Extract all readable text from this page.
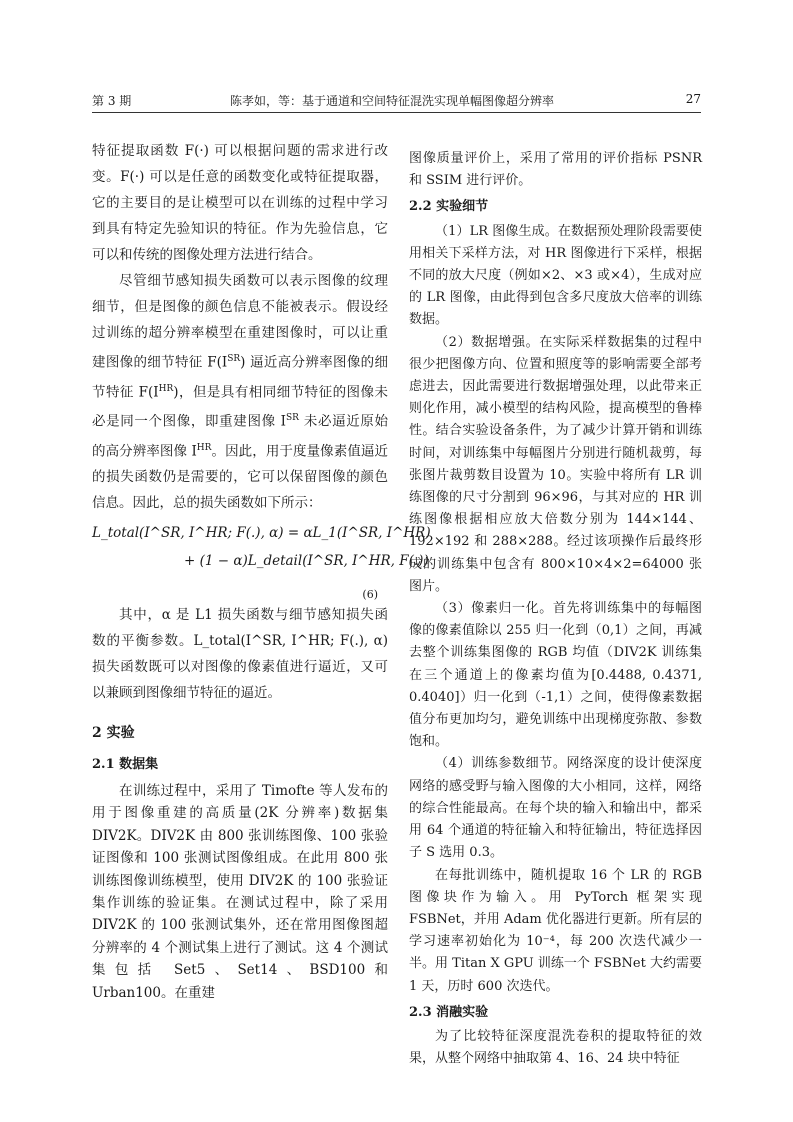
第 3 期	陈孝如，等：基于通道和空间特征混洗实现单幅图像超分辨率	27

特征提取函数 F(·) 可以根据问题的需求进行改变。F(·) 可以是任意的函数变化或特征提取器，它的主要目的是让模型可以在训练的过程中学习到具有特定先验知识的特征。作为先验信息，它可以和传统的图像处理方法进行结合。

尽管细节感知损失函数可以表示图像的纹理细节，但是图像的颜色信息不能被表示。假设经过训练的超分辨率模型在重建图像时，可以让重建图像的细节特征 $F(I^{SR})$ 逼近高分辨率图像的细节特征 $F(I^{HR})$，但是具有相同细节特征的图像未必是同一个图像，即重建图像 $I^{SR}$ 未必逼近原始的高分辨率图像 $I^{HR}$。因此，用于度量像素值逼近的损失函数仍是需要的，它可以保留图像的颜色信息。因此，总的损失函数如下所示：

L_total(I^SR, I^HR; F(.), α) = αL_1(I^SR, I^HR)
+ (1 − α)L_detail(I^SR, I^HR, F(.))
(6)

其中，α 是 L1 损失函数与细节感知损失函数的平衡参数。L_total(I^SR, I^HR; F(.), α) 损失函数既可以对图像的像素值进行逼近，又可以兼顾到图像细节特征的逼近。

2 实验
2.1 数据集

在训练过程中，采用了 Timofte 等人发布的用于图像重建的高质量(2K 分辨率)数据集 DIV2K。DIV2K 由 800 张训练图像、100 张验证图像和 100 张测试图像组成。在此用 800 张训练图像训练模型，使用 DIV2K 的 100 张验证集作训练的验证集。在测试过程中，除了采用 DIV2K 的 100 张测试集外，还在常用图像图超分辨率的 4 个测试集上进行了测试。这 4 个测试集包括 Set5、Set14、BSD100和 Urban100。在重建

图像质量评价上，采用了常用的评价指标 PSNR 和 SSIM 进行评价。

2.2 实验细节

（1）LR 图像生成。在数据预处理阶段需要使用相关下采样方法，对 HR 图像进行下采样，根据不同的放大尺度（例如×2、×3 或×4），生成对应的 LR 图像，由此得到包含多尺度放大倍率的训练数据。

（2）数据增强。在实际采样数据集的过程中很少把图像方向、位置和照度等的影响需要全部考虑进去，因此需要进行数据增强处理，以此带来正则化作用，减小模型的结构风险，提高模型的鲁棒性。结合实验设备条件，为了减少计算开销和训练时间，对训练集中每幅图片分别进行随机裁剪，每张图片裁剪数目设置为 10。实验中将所有 LR 训练图像的尺寸分割到 96×96，与其对应的 HR 训练图像根据相应放大倍数分别为 144×144、192×192 和 288×288。经过该项操作后最终形成的训练集中包含有 800×10×4×2=64000 张图片。

（3）像素归一化。首先将训练集中的每幅图像的像素值除以 255 归一化到（0,1）之间，再减去整个训练集图像的 RGB 均值（DIV2K 训练集在三个通道上的像素均值为[0.4488, 0.4371, 0.4040]）归一化到（-1,1）之间，使得像素数据值分布更加均匀，避免训练中出现梯度弥散、参数饱和。

（4）训练参数细节。网络深度的设计使深度网络的感受野与输入图像的大小相同，这样，网络的综合性能最高。在每个块的输入和输出中，都采用 64 个通道的特征输入和特征输出，特征选择因子 S 选用 0.3。

在每批训练中，随机提取 16 个 LR 的 RGB 图像块作为输入。用 PyTorch 框架实现 FSBNet，并用 Adam 优化器进行更新。所有层的学习速率初始化为 10⁻⁴，每 200 次迭代减少一半。用 Titan X GPU 训练一个 FSBNet 大约需要 1 天，历时 600 次迭代。

2.3 消融实验

为了比较特征深度混洗卷积的提取特征的效果，从整个网络中抽取第 4、16、24 块中特征
